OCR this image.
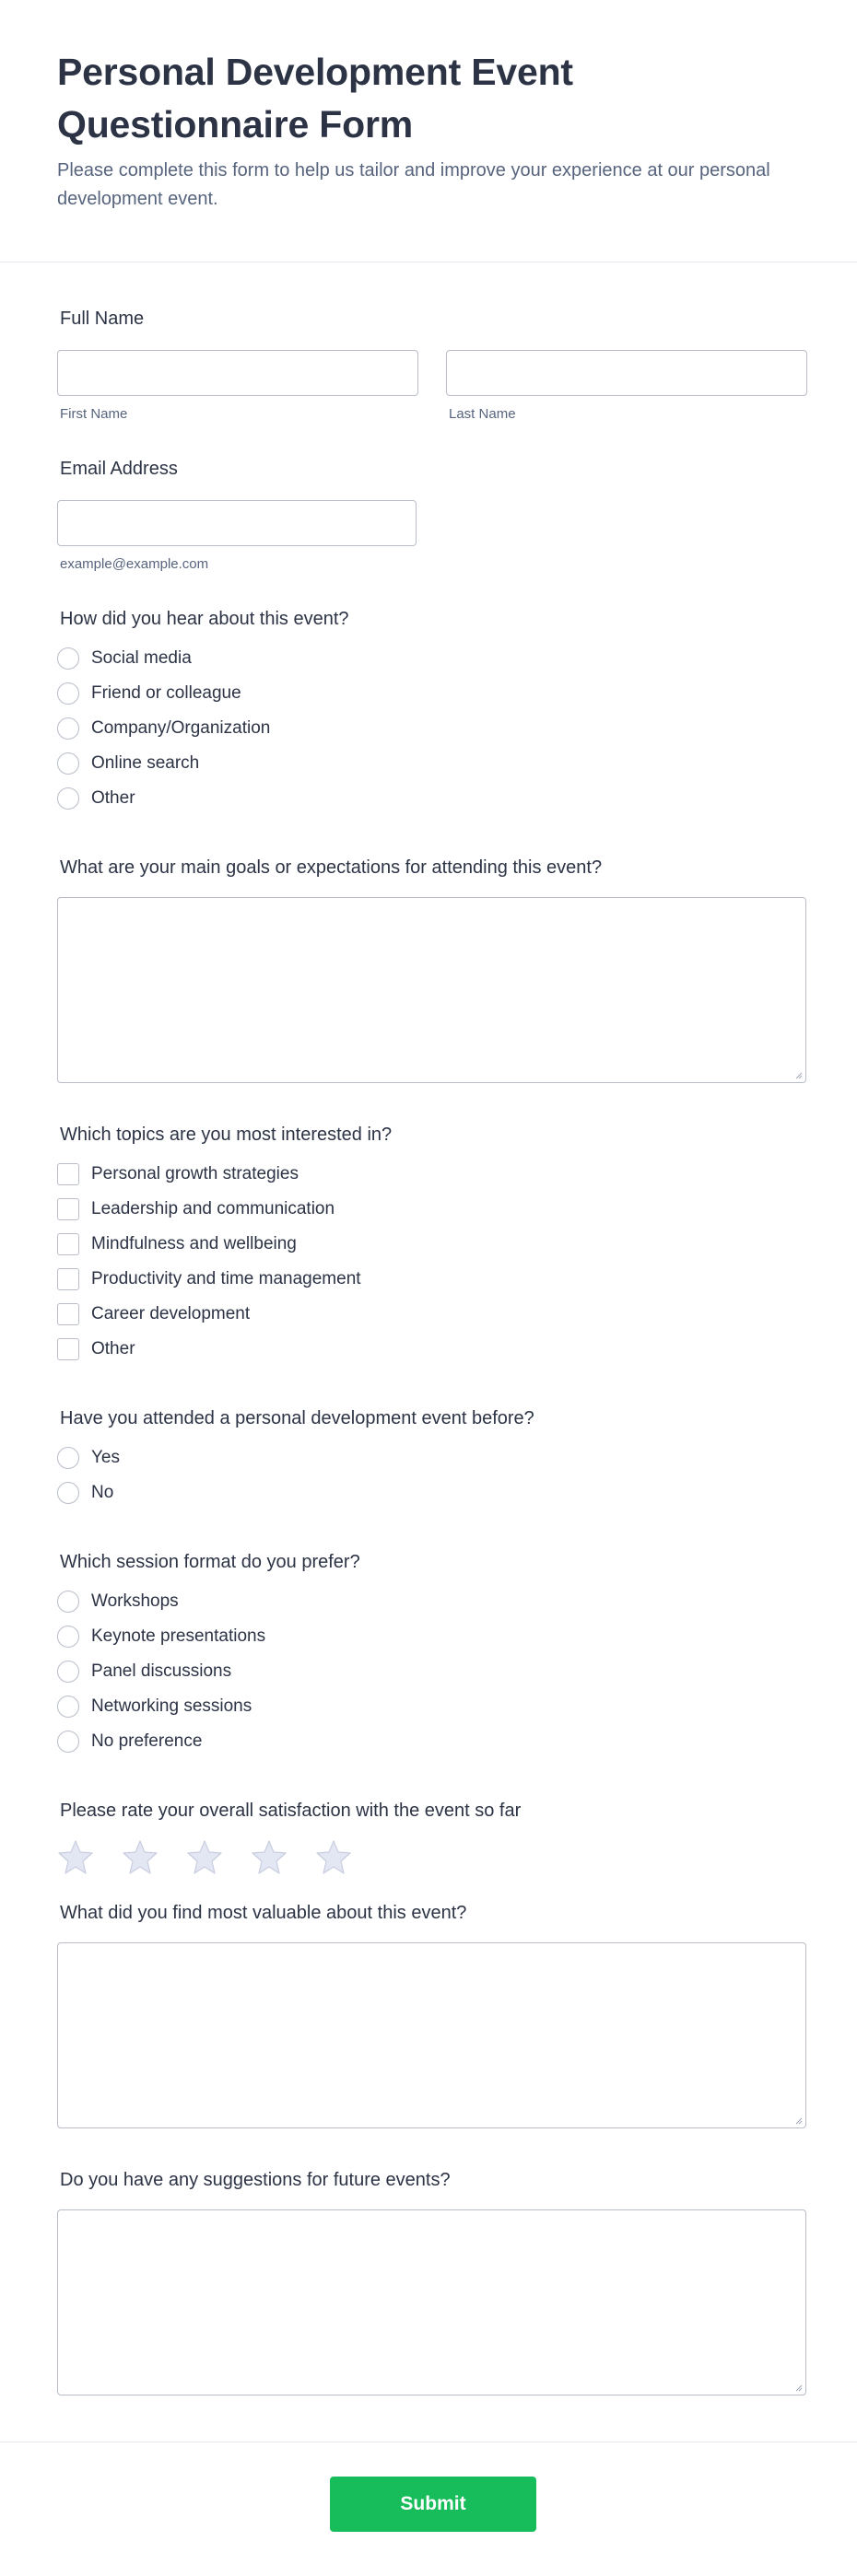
Personal Development Event Questionnaire Form

Please complete this form to help us tailor and improve your experience at our personal development event.

Full Name
First Name	Last Name
Email Address
example@example.com
How did you hear about this event?
Social media
Friend or colleague
Company/Organization
Online search
Other
What are your main goals or expectations for attending this event?
Which topics are you most interested in?
Personal growth strategies
Leadership and communication
Mindfulness and wellbeing
Productivity and time management
Career development
Other
Have you attended a personal development event before?
Yes
No
Which session format do you prefer?
Workshops
Keynote presentations
Panel discussions
Networking sessions
No preference
Please rate your overall satisfaction with the event so far
What did you find most valuable about this event?
Do you have any suggestions for future events?
Submit
